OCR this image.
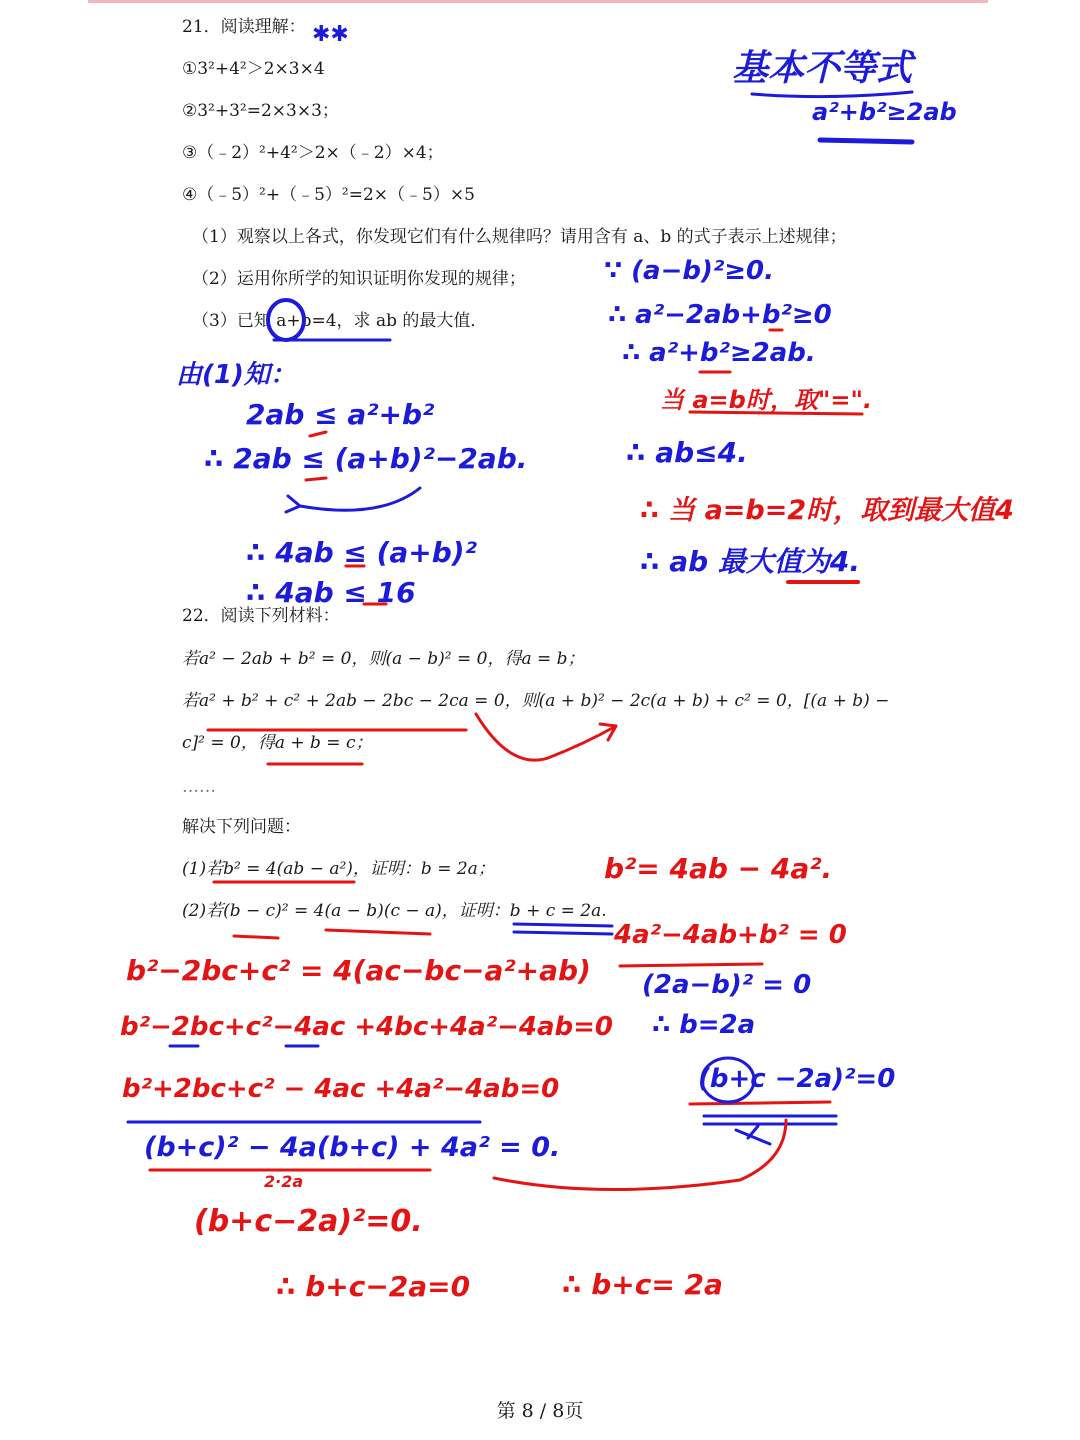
21．阅读理解：
①3²+4²＞2×3×4
②3²+3²=2×3×3；
③（﹣2）²+4²＞2×（﹣2）×4；
④（﹣5）²+（﹣5）²=2×（﹣5）×5
（1）观察以上各式，你发现它们有什么规律吗？请用含有 a、b 的式子表示上述规律；
（2）运用你所学的知识证明你发现的规律；
（3）已知 a+b=4，求 ab 的最大值．
22．阅读下列材料：
若a² − 2ab + b² = 0，则(a − b)² = 0，得a = b；
若a² + b² + c² + 2ab − 2bc − 2ca = 0，则(a + b)² − 2c(a + b) + c² = 0，[(a + b) −
c]² = 0，得a + b = c；
……
解决下列问题：
(1)若b² = 4(ab − a²)，证明：b = 2a；
(2)若(b − c)² = 4(a − b)(c − a)，证明：b + c = 2a.
第 8 / 8页
✱✱
基本不等式
a²+b²≥2ab
∵ (a−b)²≥0.
∴ a²−2ab+b²≥0
∴ a²+b²≥2ab.
当 a=b时，取"=".
由(1)知：
2ab ≤ a²+b²
∴ 2ab ≤ (a+b)²−2ab.
∴ 4ab ≤ (a+b)²
∴ 4ab ≤ 16
∴ ab≤4.
∴ 当 a=b=2时，取到最大值4
∴ ab 最大值为4.
b²= 4ab − 4a².
4a²−4ab+b² = 0
(2a−b)² = 0
∴ b=2a
(b+c −2a)²=0
b²−2bc+c² = 4(ac−bc−a²+ab)
b²−2bc+c²−4ac +4bc+4a²−4ab=0
b²+2bc+c² − 4ac +4a²−4ab=0
(b+c)² − 4a(b+c) + 4a² = 0.
2·2a
(b+c−2a)²=0.
∴ b+c−2a=0	∴ b+c= 2a
